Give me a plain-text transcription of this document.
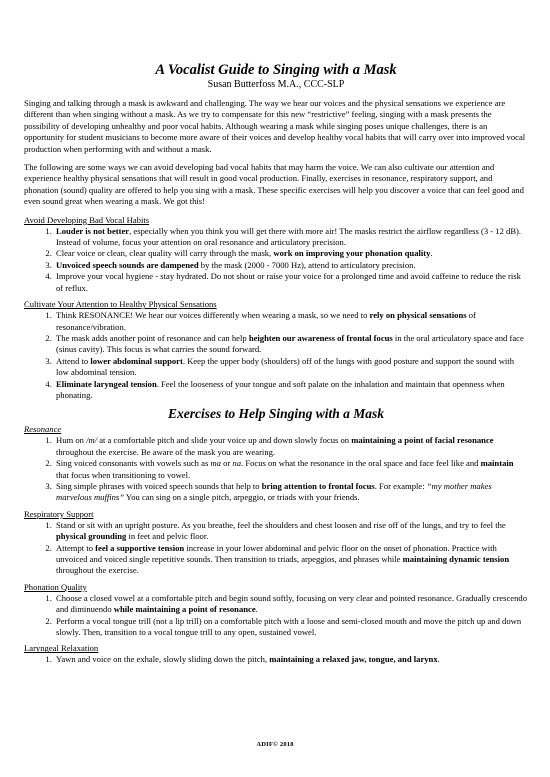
A Vocalist Guide to Singing with a Mask
Susan Butterfoss M.A., CCC-SLP

Singing and talking through a mask is awkward and challenging. The way we hear our voices and the physical sensations we experience are different than when singing without a mask. As we try to compensate for this new “restrictive” feeling, singing with a mask presents the possibility of developing unhealthy and poor vocal habits. Although wearing a mask while singing poses unique challenges, there is an opportunity for student musicians to become more aware of their voices and develop healthy vocal habits that will carry over into improved vocal production when performing with and without a mask.

The following are some ways we can avoid developing bad vocal habits that may harm the voice. We can also cultivate our attention and experience healthy physical sensations that will result in good vocal production. Finally, exercises in resonance, respiratory support, and phonation (sound) quality are offered to help you sing with a mask. These specific exercises will help you discover a voice that can feel good and even sound great when wearing a mask. We got this!

Avoid Developing Bad Vocal Habits
1. Louder is not better, especially when you think you will get there with more air! The masks restrict the airflow regardless (3 - 12 dB). Instead of volume, focus your attention on oral resonance and articulatory precision.
2. Clear voice or clean, clear quality will carry through the mask, work on improving your phonation quality.
3. Unvoiced speech sounds are dampened by the mask (2000 - 7000 Hz), attend to articulatory precision.
4. Improve your vocal hygiene - stay hydrated. Do not shout or raise your voice for a prolonged time and avoid caffeine to reduce the risk of reflux.
Cultivate Your Attention to Healthy Physical Sensations
1. Think RESONANCE! We hear our voices differently when wearing a mask, so we need to rely on physical sensations of resonance/vibration.
2. The mask adds another point of resonance and can help heighten our awareness of frontal focus in the oral articulatory space and face (sinus cavity). This focus is what carries the sound forward.
3. Attend to lower abdominal support. Keep the upper body (shoulders) off of the lungs with good posture and support the sound with low abdominal tension.
4. Eliminate laryngeal tension. Feel the looseness of your tongue and soft palate on the inhalation and maintain that openness when phonating.
Exercises to Help Singing with a Mask
Resonance
1. Hum on /m/ at a comfortable pitch and slide your voice up and down slowly focus on maintaining a point of facial resonance throughout the exercise. Be aware of the mask you are wearing.
2. Sing voiced consonants with vowels such as ma or na. Focus on what the resonance in the oral space and face feel like and maintain that focus when transitioning to vowel.
3. Sing simple phrases with voiced speech sounds that help to bring attention to frontal focus. For example: “my mother makes marvelous muffins” You can sing on a single pitch, arpeggio, or triads with your friends.
Respiratory Support
1. Stand or sit with an upright posture. As you breathe, feel the shoulders and chest loosen and rise off of the lungs, and try to feel the physical grounding in feet and pelvic floor.
2. Attempt to feel a supportive tension increase in your lower abdominal and pelvic floor on the onset of phonation. Practice with unvoiced and voiced single repetitive sounds. Then transition to triads, arpeggios, and phrases while maintaining dynamic tension throughout the exercise.
Phonation Quality
1. Choose a closed vowel at a comfortable pitch and begin sound softly, focusing on very clear and pointed resonance. Gradually crescendo and diminuendo while maintaining a point of resonance.
2. Perform a vocal tongue trill (not a lip trill) on a comfortable pitch with a loose and semi-closed mouth and move the pitch up and down slowly. Then, transition to a vocal tongue trill to any open, sustained vowel.
Laryngeal Relaxation
1. Yawn and voice on the exhale, slowly sliding down the pitch, maintaining a relaxed jaw, tongue, and larynx.
ADIF© 2018
